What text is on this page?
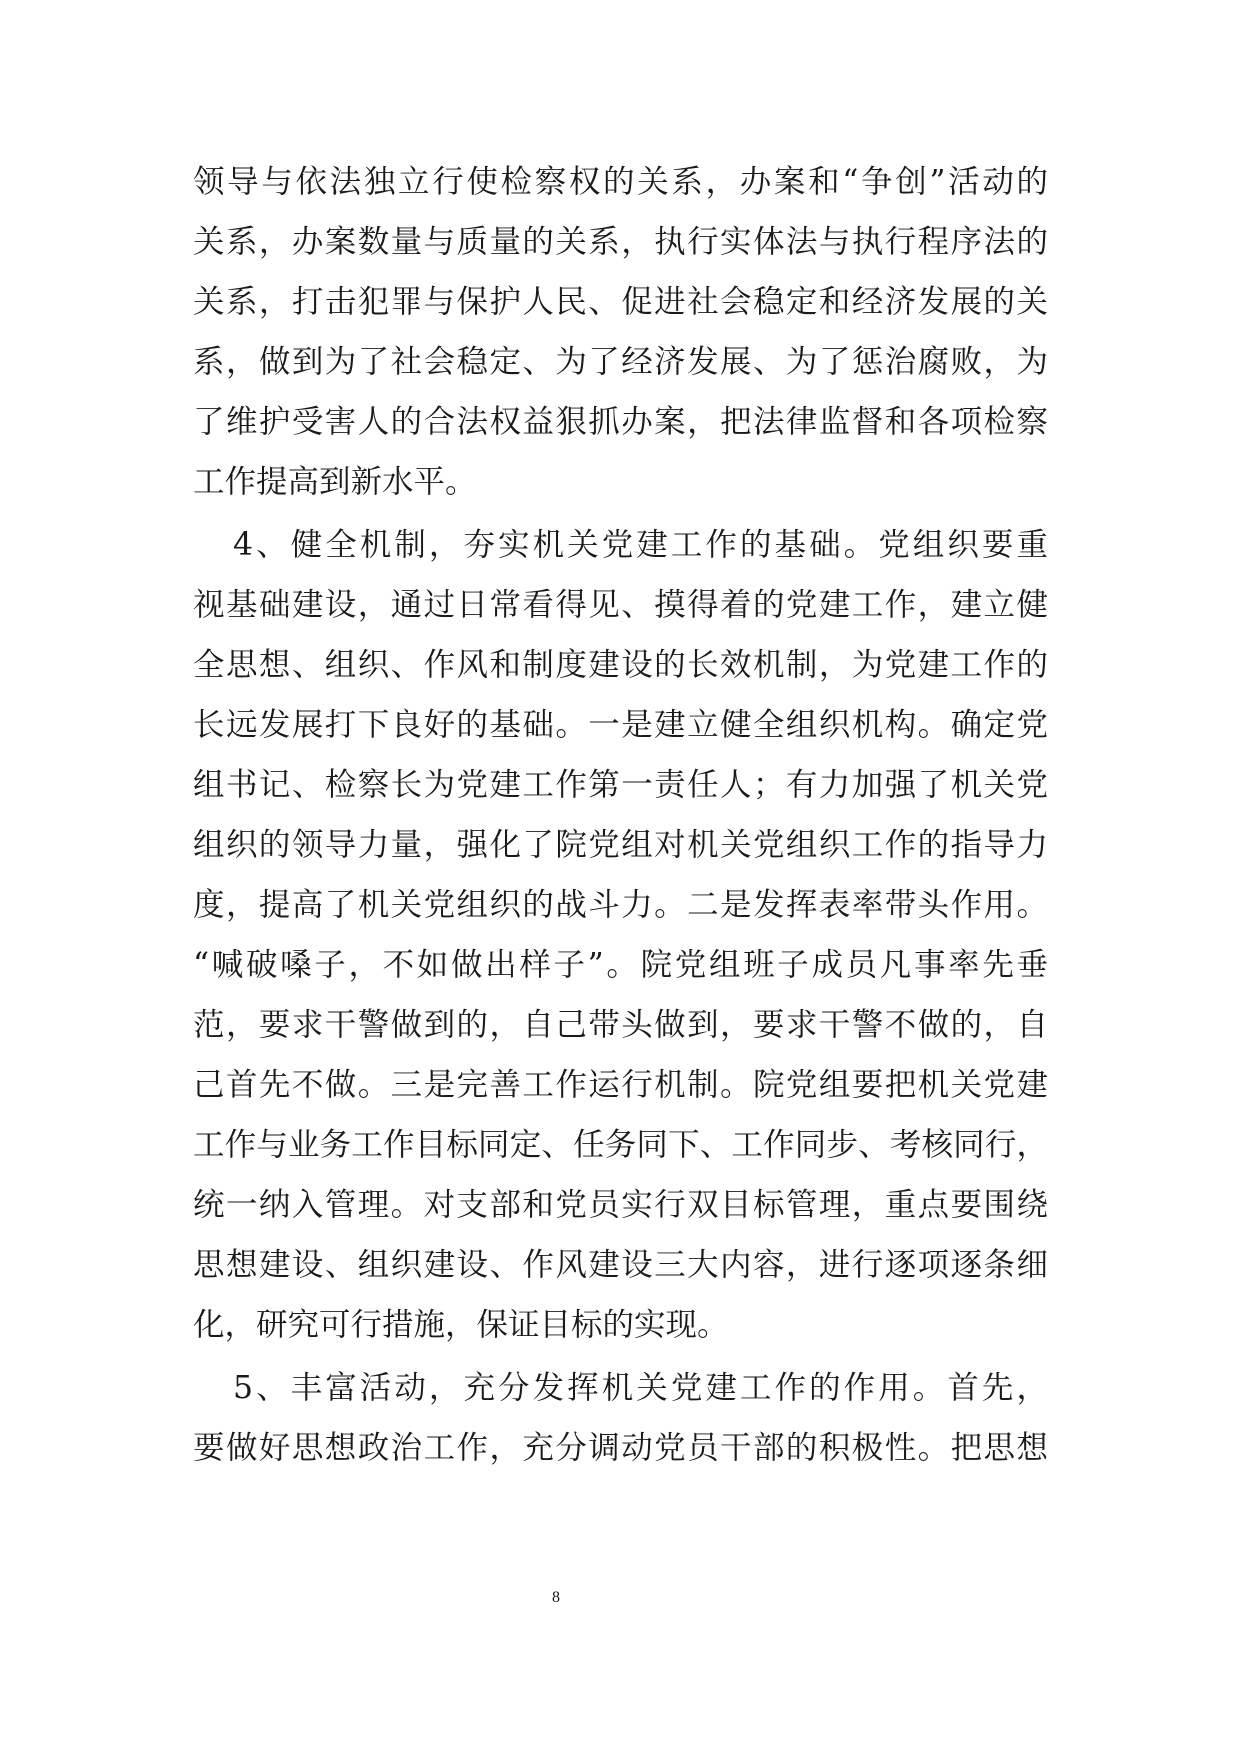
领导与依法独立行使检察权的关系，办案和“争创”活动的
关系，办案数量与质量的关系，执行实体法与执行程序法的
关系，打击犯罪与保护人民、促进社会稳定和经济发展的关
系，做到为了社会稳定、为了经济发展、为了惩治腐败，为
了维护受害人的合法权益狠抓办案，把法律监督和各项检察
工作提高到新水平。
4、健全机制，夯实机关党建工作的基础。党组织要重
视基础建设，通过日常看得见、摸得着的党建工作，建立健
全思想、组织、作风和制度建设的长效机制，为党建工作的
长远发展打下良好的基础。一是建立健全组织机构。确定党
组书记、检察长为党建工作第一责任人；有力加强了机关党
组织的领导力量，强化了院党组对机关党组织工作的指导力
度，提高了机关党组织的战斗力。二是发挥表率带头作用。
“喊破嗓子，不如做出样子”。院党组班子成员凡事率先垂
范，要求干警做到的，自己带头做到，要求干警不做的，自
己首先不做。三是完善工作运行机制。院党组要把机关党建
工作与业务工作目标同定、任务同下、工作同步、考核同行，
统一纳入管理。对支部和党员实行双目标管理，重点要围绕
思想建设、组织建设、作风建设三大内容，进行逐项逐条细
化，研究可行措施，保证目标的实现。
5、丰富活动，充分发挥机关党建工作的作用。首先，
要做好思想政治工作，充分调动党员干部的积极性。把思想
8
